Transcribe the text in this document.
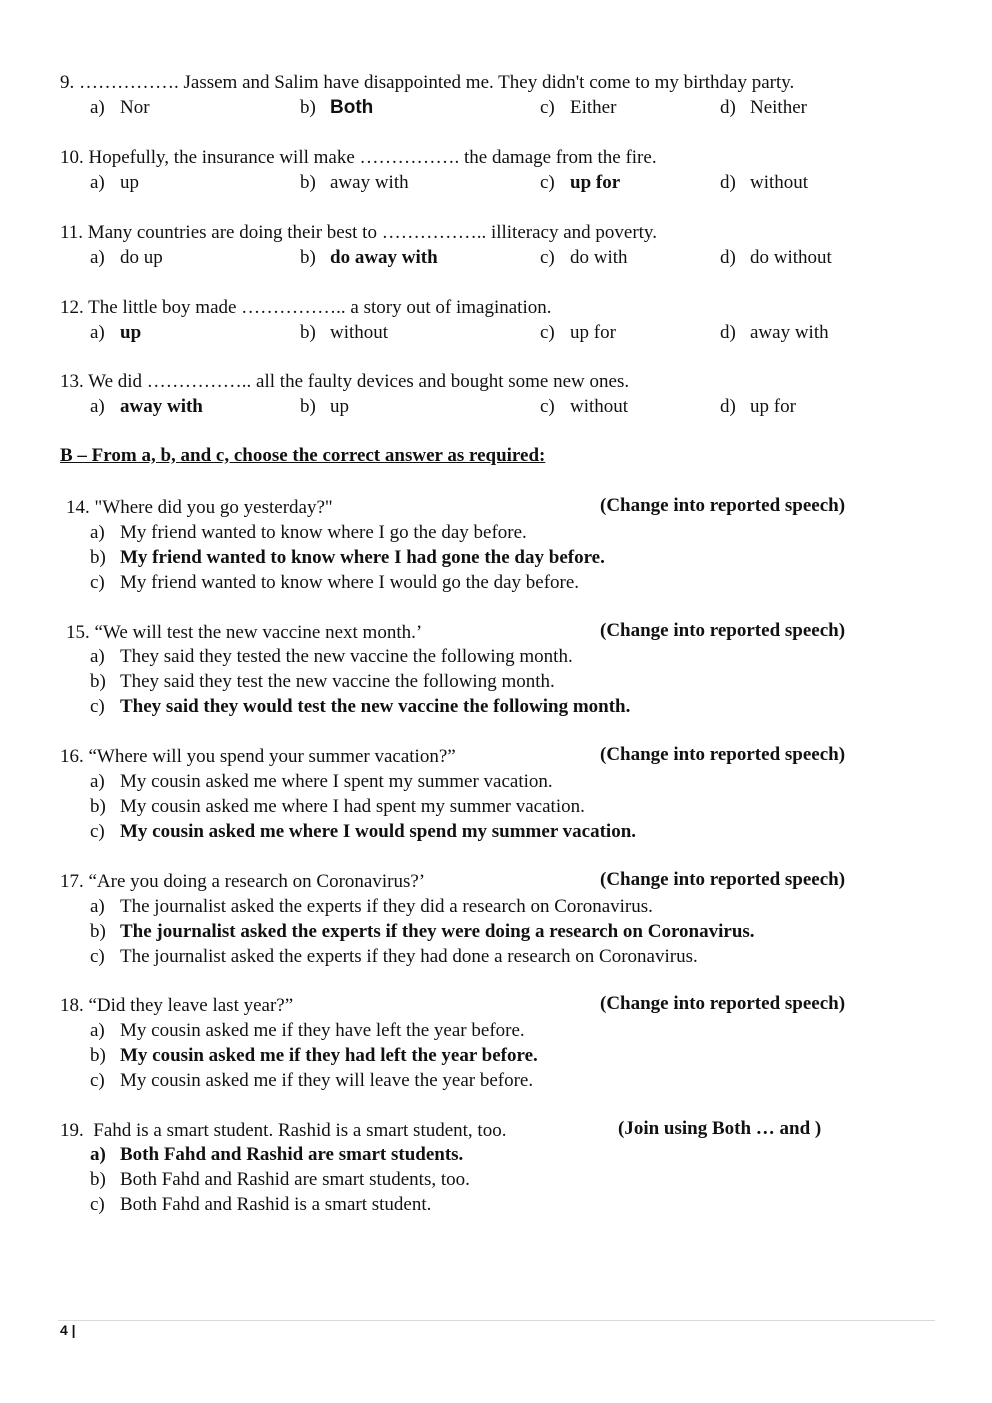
9. ……………. Jassem and Salim have disappointed me. They didn't come to my birthday party.
a) Nor	b) Both	c) Either	d) Neither
10. Hopefully, the insurance will make ……………. the damage from the fire.
a) up	b) away with	c) up for	d) without
11. Many countries are doing their best to …………….. illiteracy and poverty.
a) do up	b) do away with	c) do with	d) do without
12. The little boy made …………….. a story out of imagination.
a) up	b) without	c) up for	d) away with
13. We did …………….. all the faulty devices and bought some new ones.
a) away with	b) up	c) without	d) up for
B – From a, b, and c, choose the correct answer as required:
14. "Where did you go yesterday?"	(Change into reported speech)
a) My friend wanted to know where I go the day before.
b) My friend wanted to know where I had gone the day before.
c) My friend wanted to know where I would go the day before.
15. “We will test the new vaccine next month.’	(Change into reported speech)
a) They said they tested the new vaccine the following month.
b) They said they test the new vaccine the following month.
c) They said they would test the new vaccine the following month.
16. “Where will you spend your summer vacation?”	(Change into reported speech)
a) My cousin asked me where I spent my summer vacation.
b) My cousin asked me where I had spent my summer vacation.
c) My cousin asked me where I would spend my summer vacation.
17. “Are you doing a research on Coronavirus?’	(Change into reported speech)
a) The journalist asked the experts if they did a research on Coronavirus.
b) The journalist asked the experts if they were doing a research on Coronavirus.
c) The journalist asked the experts if they had done a research on Coronavirus.
18. “Did they leave last year?”	(Change into reported speech)
a) My cousin asked me if they have left the year before.
b) My cousin asked me if they had left the year before.
c) My cousin asked me if they will leave the year before.
19. Fahd is a smart student. Rashid is a smart student, too.	(Join using Both … and )
a) Both Fahd and Rashid are smart students.
b) Both Fahd and Rashid are smart students, too.
c) Both Fahd and Rashid is a smart student.
4 |
